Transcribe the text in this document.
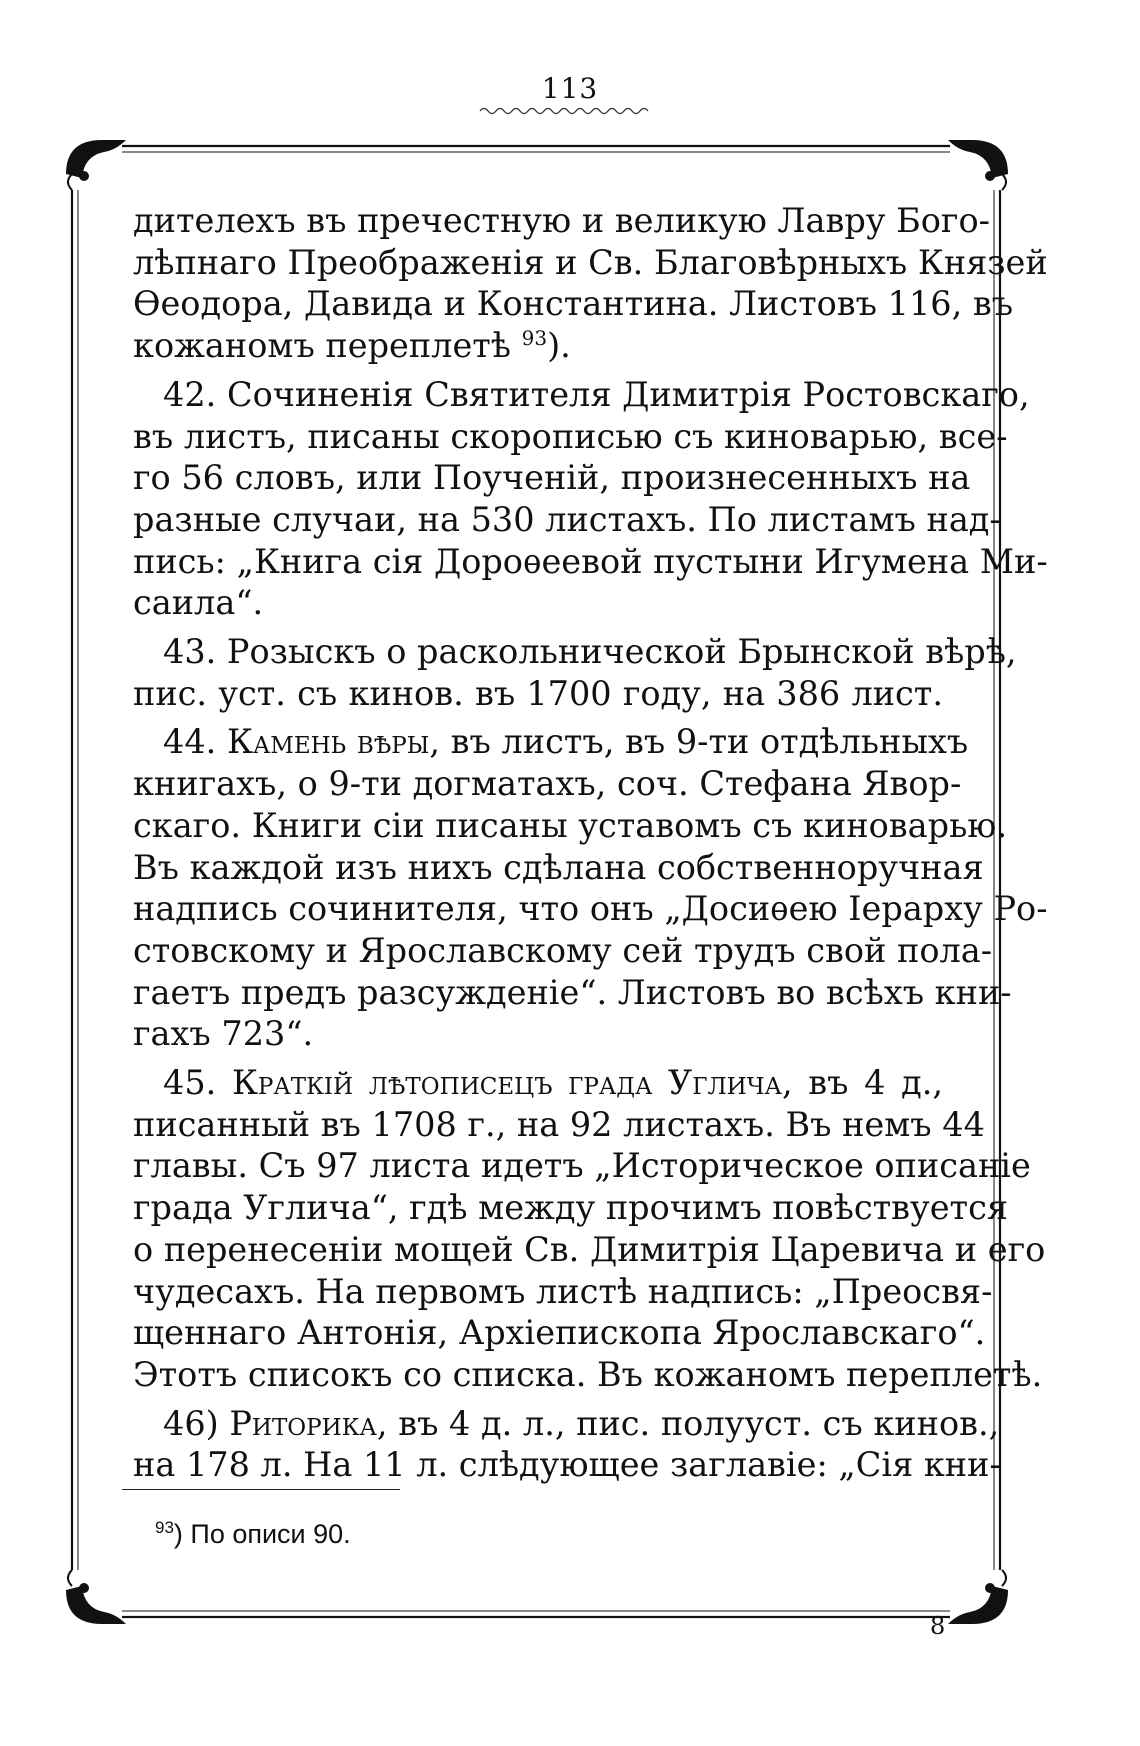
113

дителехъ въ пречестную и великую Лавру Бого-
лѣпнаго Преображенія и Св. Благовѣрныхъ Князей
Ѳеодора, Давида и Константина. Листовъ 116, въ
кожаномъ переплетѣ $^{93}$).

42. Сочиненія Святителя Димитрія Ростовскаго,
въ листъ, писаны скорописью съ киноварью, все-
го 56 словъ, или Поученій, произнесенныхъ на
разные случаи, на 530 листахъ. По листамъ над-
пись: „Книга сія Дороѳеевой пустыни Игумена Ми-
саила“.

43. Розыскъ о раскольнической Брынской вѣрѣ,
пис. уст. съ кинов. въ 1700 году, на 386 лист.

44. Камень вѣры, въ листъ, въ 9-ти отдѣльныхъ
книгахъ, о 9-ти догматахъ, соч. Стефана Явор-
скаго. Книги сіи писаны уставомъ съ киноварью.
Въ каждой изъ нихъ сдѣлана собственноручная
надпись сочинителя, что онъ „Досиѳею Іерарху Ро-
стовскому и Ярославскому сей трудъ свой пола-
гаетъ предъ разсужденіе“. Листовъ во всѣхъ кни-
гахъ 723“.

45. Краткій лѣтописецъ града Углича, въ 4 д.,
писанный въ 1708 г., на 92 листахъ. Въ немъ 44
главы. Съ 97 листа идетъ „Историческое описаніе
града Углича“, гдѣ между прочимъ повѣствуется
о перенесеніи мощей Св. Димитрія Царевича и его
чудесахъ. На первомъ листѣ надпись: „Преосвя-
щеннаго Антонія, Архіепископа Ярославскаго“.
Этотъ списокъ со списка. Въ кожаномъ переплетѣ.

46) Риторика, въ 4 д. л., пис. полууст. съ кинов.,
на 178 л. На 11 л. слѣдующее заглавіе: „Сія кни-

$^{93}$) По описи 90.
8
